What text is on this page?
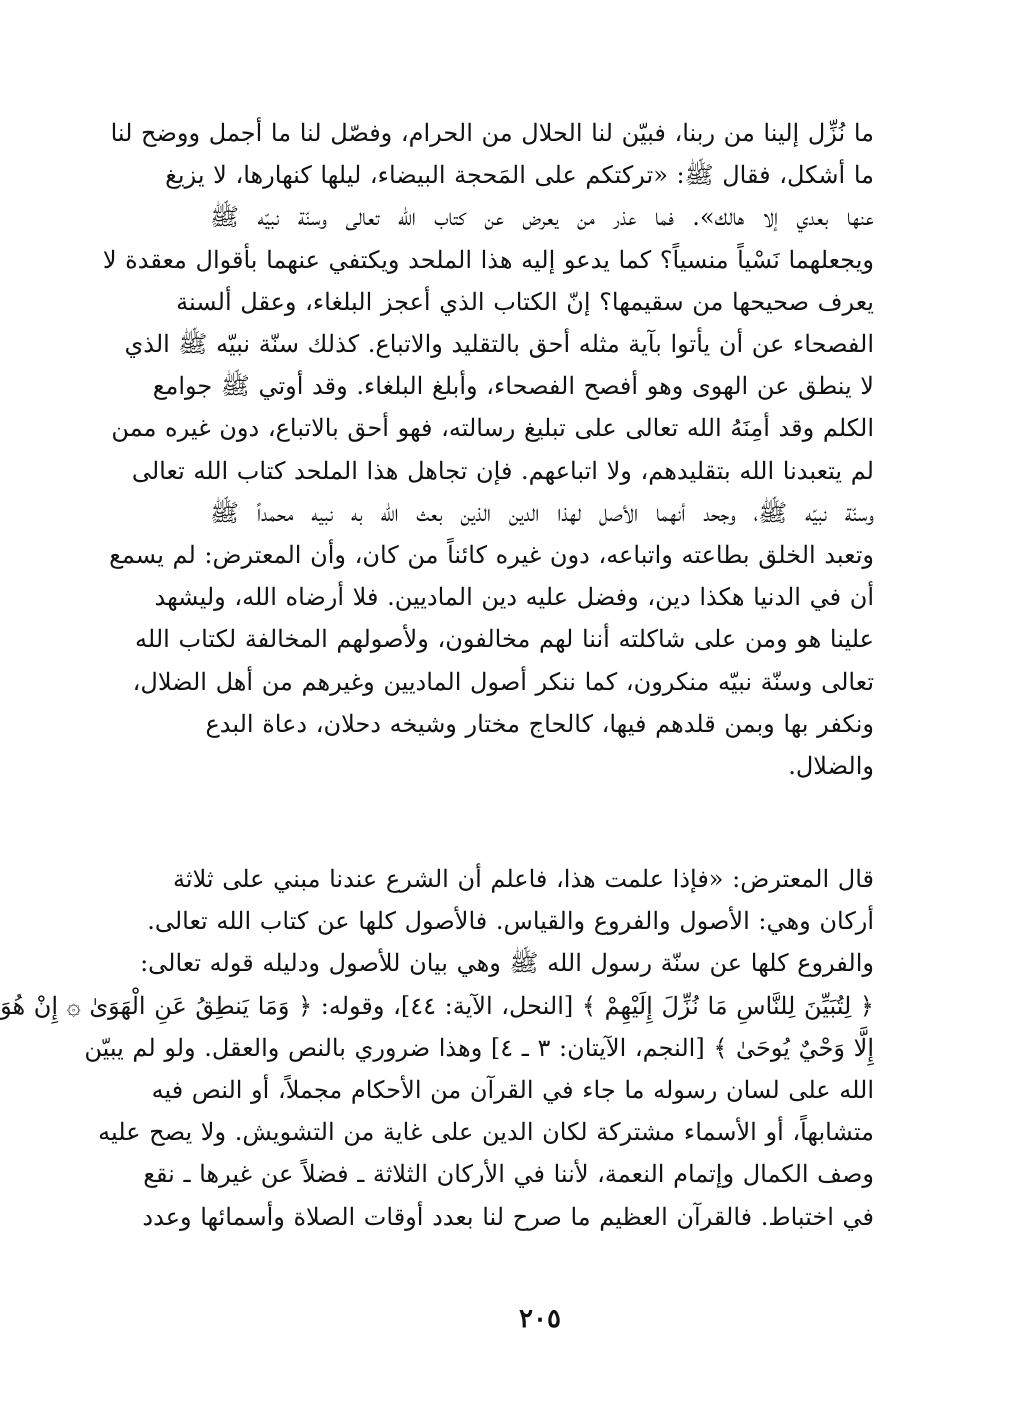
ما نُزِّل إلينا من ربنا، فبيّن لنا الحلال من الحرام، وفصّل لنا ما أجمل ووضح لنا
ما أشكل، فقال ﷺ: «تركتكم على المَحجة البيضاء، ليلها كنهارها، لا يزيغ
عنها بعدي إلا هالك». فما عذر من يعرض عن كتاب الله تعالى وسنّة نبيّه ﷺ
ويجعلهما نَسْياً منسياً؟ كما يدعو إليه هذا الملحد ويكتفي عنهما بأقوال معقدة لا
يعرف صحيحها من سقيمها؟ إنّ الكتاب الذي أعجز البلغاء، وعقل ألسنة
الفصحاء عن أن يأتوا بآية مثله أحق بالتقليد والاتباع. كذلك سنّة نبيّه ﷺ الذي
لا ينطق عن الهوى وهو أفصح الفصحاء، وأبلغ البلغاء. وقد أوتي ﷺ جوامع
الكلم وقد أمِنَهُ الله تعالى على تبليغ رسالته، فهو أحق بالاتباع، دون غيره ممن
لم يتعبدنا الله بتقليدهم، ولا اتباعهم. فإن تجاهل هذا الملحد كتاب الله تعالى
وسنّة نبيّه ﷺ، وجحد أنهما الأصل لهذا الدين الذين بعث الله به نبيه محمداً ﷺ
وتعبد الخلق بطاعته واتباعه، دون غيره كائناً من كان، وأن المعترض: لم يسمع
أن في الدنيا هكذا دين، وفضل عليه دين الماديين. فلا أرضاه الله، وليشهد
علينا هو ومن على شاكلته أننا لهم مخالفون، ولأصولهم المخالفة لكتاب الله
تعالى وسنّة نبيّه منكرون، كما ننكر أصول الماديين وغيرهم من أهل الضلال،
ونكفر بها وبمن قلدهم فيها، كالحاج مختار وشيخه دحلان، دعاة البدع
والضلال.
قال المعترض: «فإذا علمت هذا، فاعلم أن الشرع عندنا مبني على ثلاثة
أركان وهي: الأصول والفروع والقياس. فالأصول كلها عن كتاب الله تعالى.
والفروع كلها عن سنّة رسول الله ﷺ وهي بيان للأصول ودليله قوله تعالى:
﴿ لِتُبَيِّنَ لِلنَّاسِ مَا نُزِّلَ إِلَيْهِمْ ﴾ [النحل، الآية: ٤٤]، وقوله: ﴿ وَمَا يَنطِقُ عَنِ الْهَوَىٰ ۞ إِنْ هُوَ
إِلَّا وَحْيٌ يُوحَىٰ ﴾ [النجم، الآيتان: ٣ ـ ٤] وهذا ضروري بالنص والعقل. ولو لم يبيّن
الله على لسان رسوله ما جاء في القرآن من الأحكام مجملاً، أو النص فيه
متشابهاً، أو الأسماء مشتركة لكان الدين على غاية من التشويش. ولا يصح عليه
وصف الكمال وإتمام النعمة، لأننا في الأركان الثلاثة ـ فضلاً عن غيرها ـ نقع
في اختباط. فالقرآن العظيم ما صرح لنا بعدد أوقات الصلاة وأسمائها وعدد
٢٠٥
